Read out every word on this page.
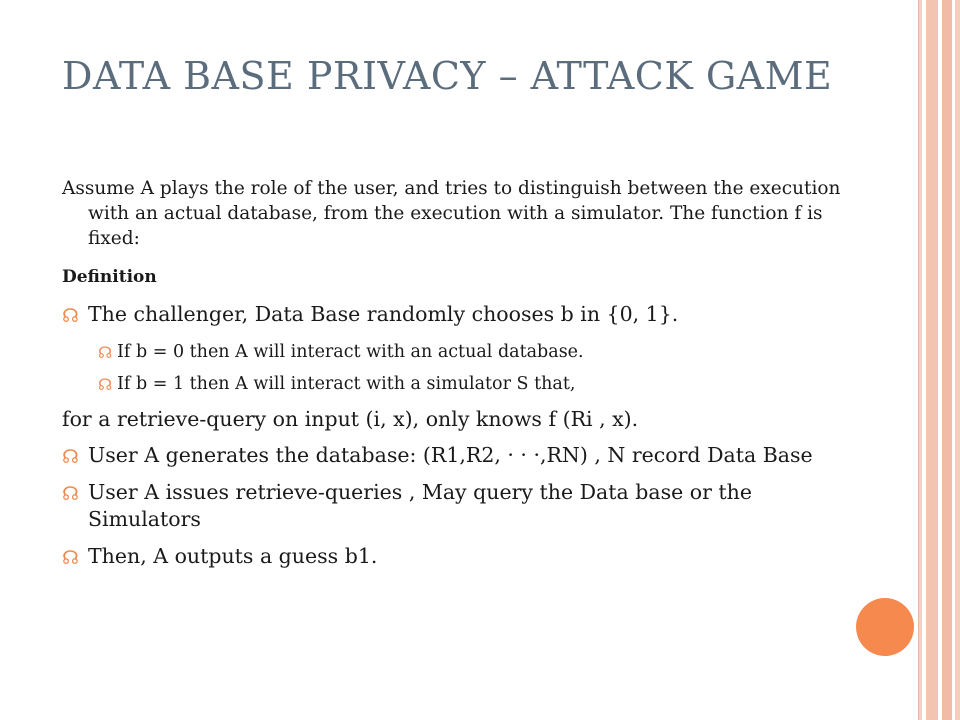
DATA BASE PRIVACY – ATTACK GAME

Assume A plays the role of the user, and tries to distinguish between the execution with an actual database, from the execution with a simulator. The function f is fixed:

Definition
☊ The challenger, Data Base randomly chooses b in {0, 1}.
☊ If b = 0 then A will interact with an actual database.
☊ If b = 1 then A will interact with a simulator S that,
for a retrieve-query on input (i, x), only knows f (Ri , x).
☊ User A generates the database: (R1,R2, · · ·,RN) , N record Data Base
☊ User A issues retrieve-queries , May query the Data base or the Simulators
☊ Then, A outputs a guess b1.
